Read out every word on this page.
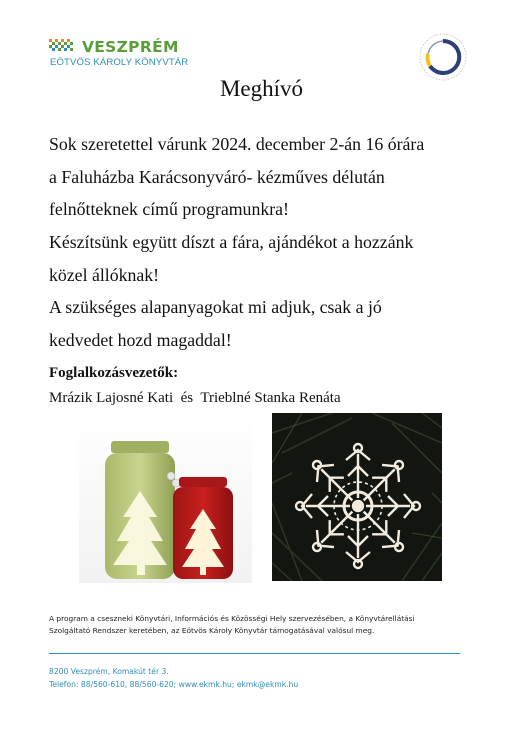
VESZPRÉM
EÖTVÖS KÁROLY KÖNYVTÁR
Meghívó
Sok szeretettel várunk 2024. december 2-án 16 órára
a Faluházba Karácsonyváró- kézműves délután
felnőtteknek című programunkra!
Készítsünk együtt díszt a fára, ajándékot a hozzánk
közel állóknak!
A szükséges alapanyagokat mi adjuk, csak a jó
kedvedet hozd magaddal!
Foglalkozásvezetők:
Mrázik Lajosné Kati  és  Trieblné Stanka Renáta
A program a csesznеki Könyvtári, Információs és Közösségi Hely szervezésében, a Könyvtárellátási
Szolgáltató Rendszer keretében, az Eötvös Károly Könyvtár támogatásával valósul meg.
8200 Veszprém, Komakút tér 3.
Telefon: 88/560-610, 88/560-620; www.ekmk.hu; ekmk@ekmk.hu
